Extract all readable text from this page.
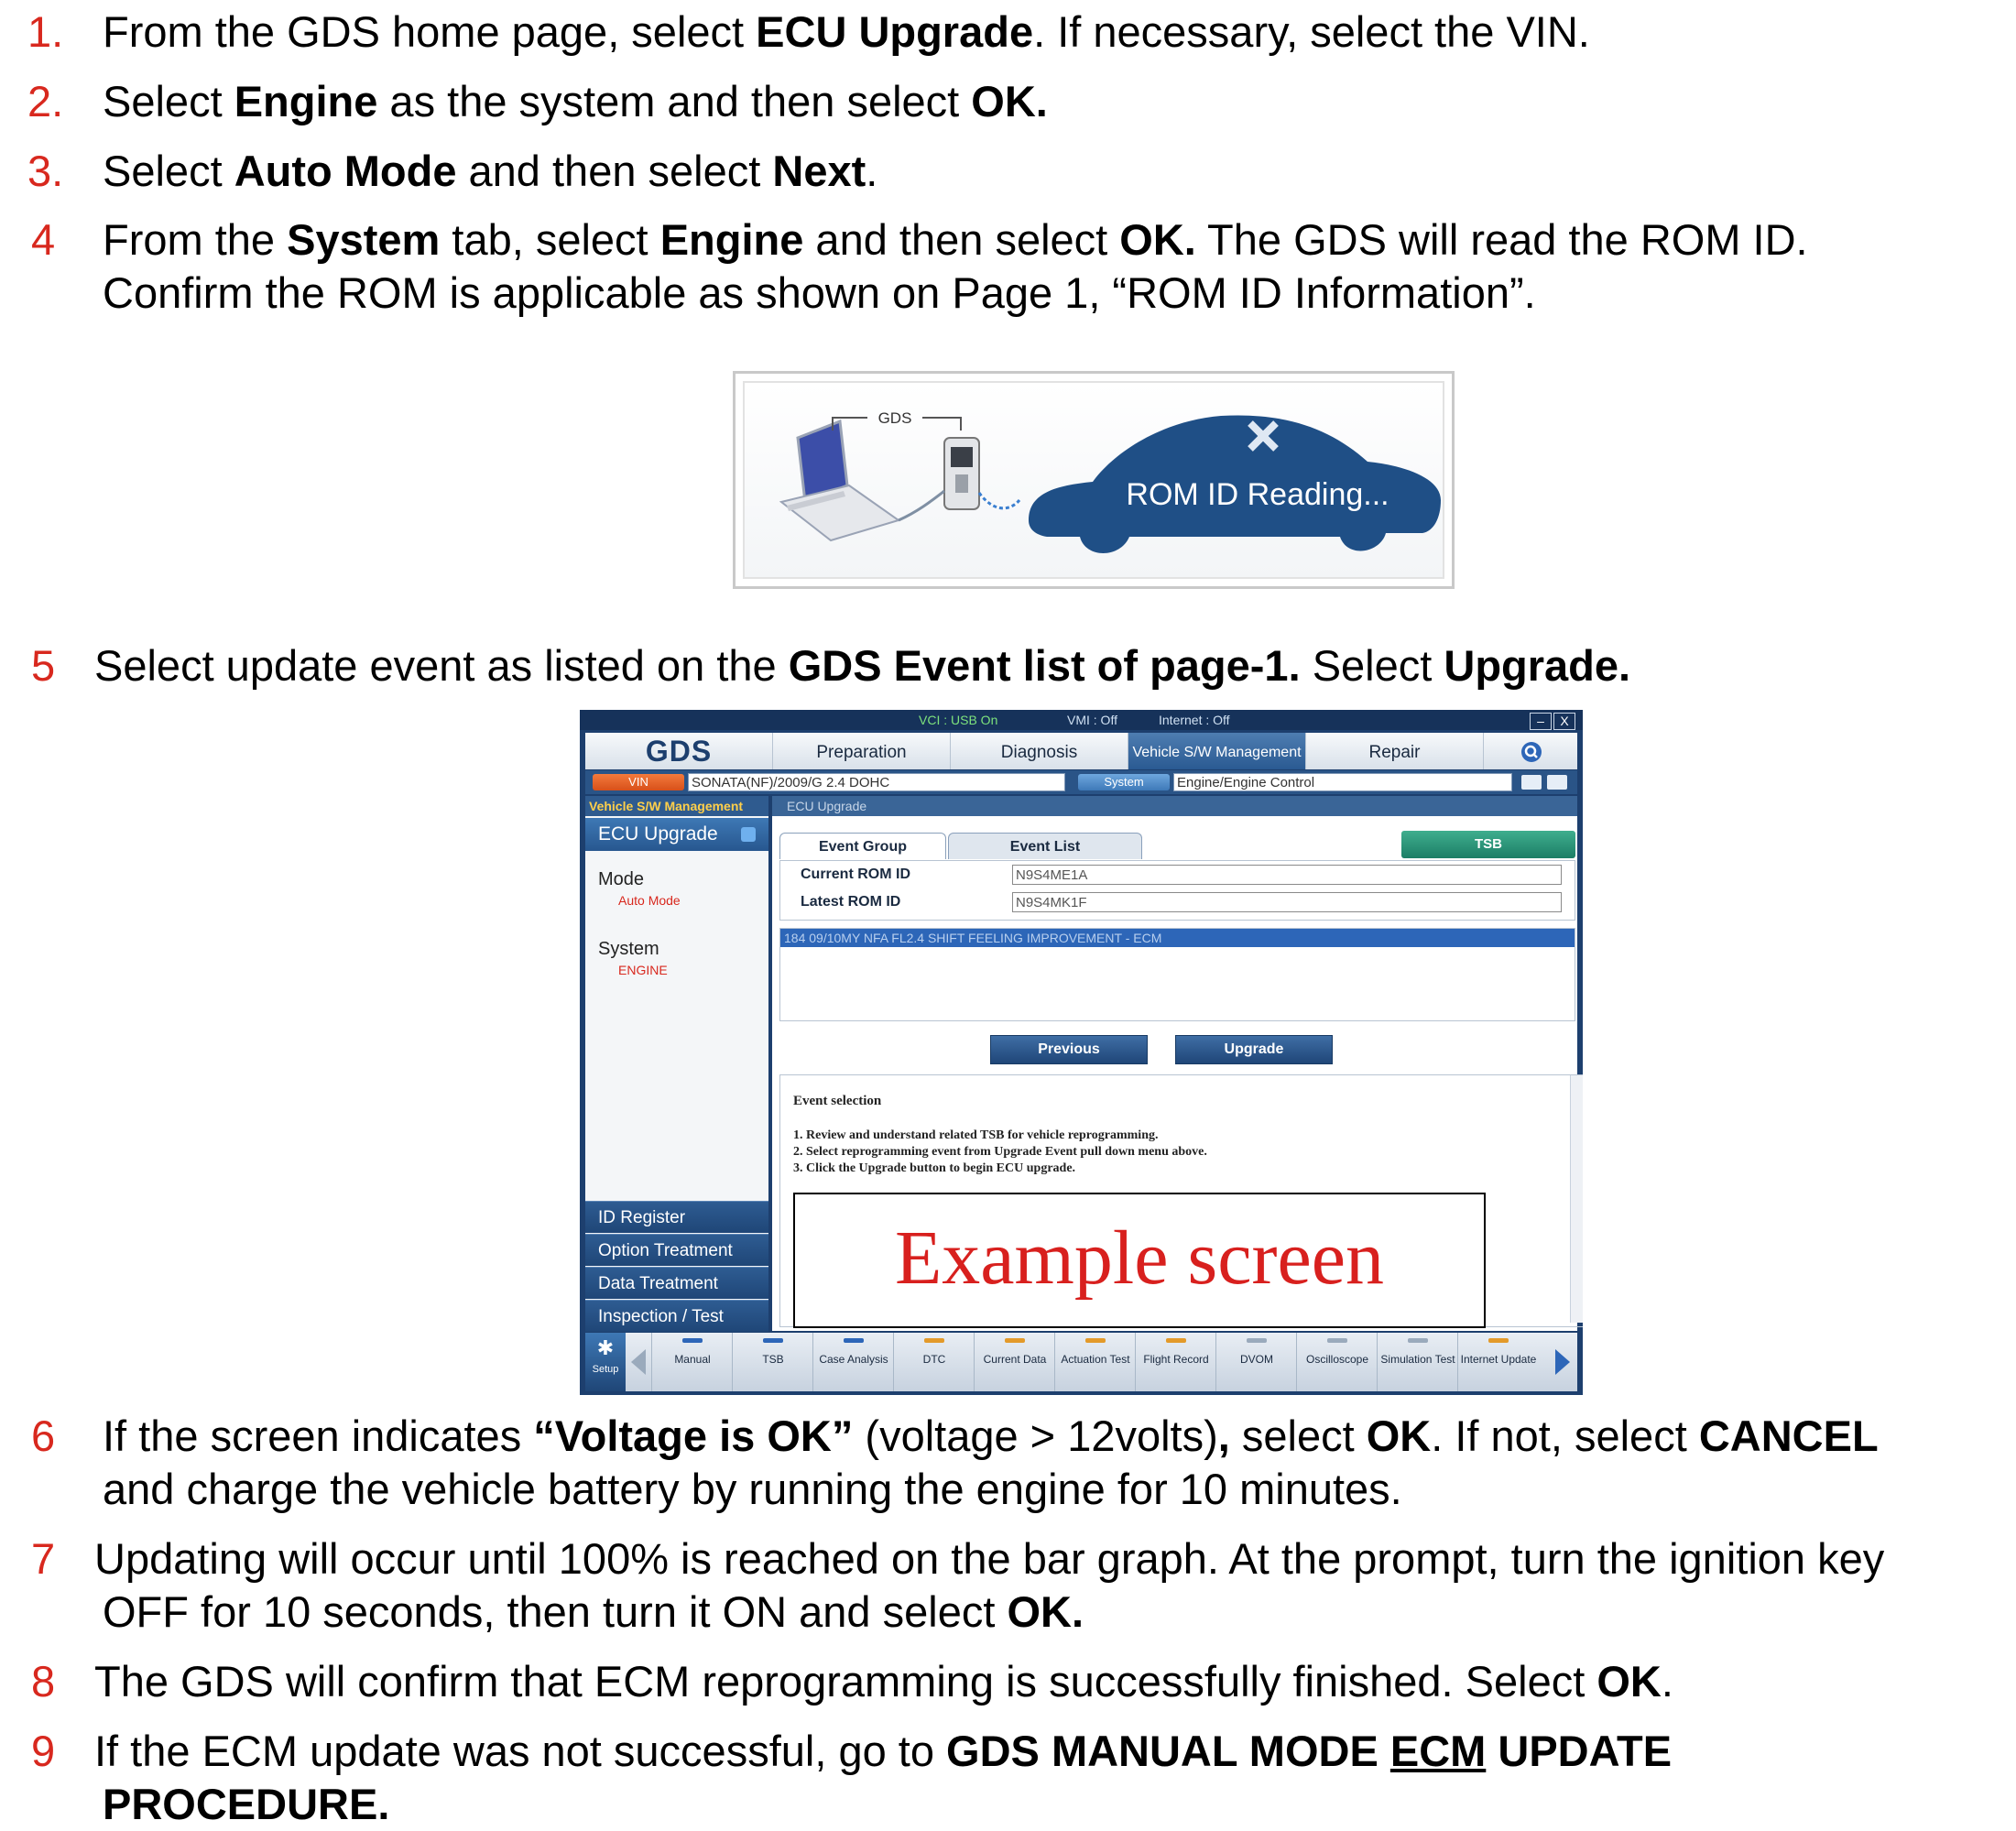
1. From the GDS home page, select ECU Upgrade. If necessary, select the VIN.
2. Select Engine as the system and then select OK.
3. Select Auto Mode and then select Next.
4 From the System tab, select Engine and then select OK. The GDS will read the ROM ID.
Confirm the ROM is applicable as shown on Page 1, “ROM ID Information”.
GDS
ROM ID Reading...
5 Select update event as listed on the GDS Event list of page-1. Select Upgrade.
VCI : USB On	VMI : Off	Internet : Off	–	X
GDS	Preparation	Diagnosis	Vehicle S/W Management	Repair
VIN	SONATA(NF)/2009/G 2.4 DOHC	System	Engine/Engine Control
Vehicle S/W Management
ECU Upgrade
Mode
Auto Mode
System
ENGINE
ID Register
Option Treatment
Data Treatment
Inspection / Test
ECU Upgrade
Event Group	Event List	TSB
Current ROM ID	N9S4ME1A
Latest ROM ID	N9S4MK1F
184 09/10MY NFA FL2.4 SHIFT FEELING IMPROVEMENT - ECM
Previous	Upgrade
Event selection
1. Review and understand related TSB for vehicle reprogramming.
2. Select reprogramming event from Upgrade Event pull down menu above.
3. Click the Upgrade button to begin ECU upgrade.
Example screen
✱
Setup
Manual	TSB	Case Analysis	DTC	Current Data	Actuation Test	Flight Record	DVOM	Oscilloscope	Simulation Test Internet Update
6 If the screen indicates “Voltage is OK” (voltage > 12volts), select OK. If not, select CANCEL
and charge the vehicle battery by running the engine for 10 minutes.
7 Updating will occur until 100% is reached on the bar graph. At the prompt, turn the ignition key
OFF for 10 seconds, then turn it ON and select OK.
8 The GDS will confirm that ECM reprogramming is successfully finished. Select OK.
9 If the ECM update was not successful, go to GDS MANUAL MODE ECM UPDATE
PROCEDURE.
